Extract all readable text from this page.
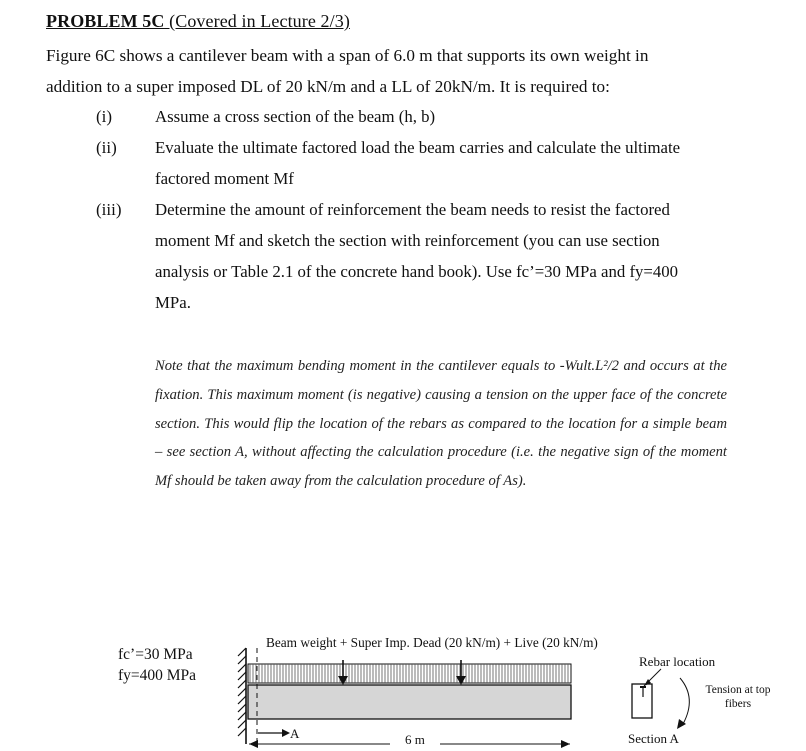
PROBLEM 5C (Covered in Lecture 2/3)
Figure 6C shows a cantilever beam with a span of 6.0 m that supports its own weight in
addition to a super imposed DL of 20 kN/m and a LL of 20kN/m. It is required to:
(i)	Assume a cross section of the beam (h, b)
(ii) Evaluate the ultimate factored load the beam carries and calculate the ultimate
factored moment Mf
(iii) Determine the amount of reinforcement the beam needs to resist the factored
moment Mf and sketch the section with reinforcement (you can use section
analysis or Table 2.1 of the concrete hand book). Use fc’=30 MPa and fy=400
MPa.
Note that the maximum bending moment in the cantilever equals to -Wult.L²/2 and occurs at the fixation. This maximum moment (is negative) causing a tension on the upper face of the concrete section. This would flip the location of the rebars as compared to the location for a simple beam – see section A, without affecting the calculation procedure (i.e. the negative sign of the moment Mf should be taken away from the calculation procedure of As).
fc’=30 MPa
fy=400 MPa
Beam weight + Super Imp. Dead (20 kN/m) + Live (20 kN/m)
6 m
A
Rebar location
Tension at top fibers
Section A
